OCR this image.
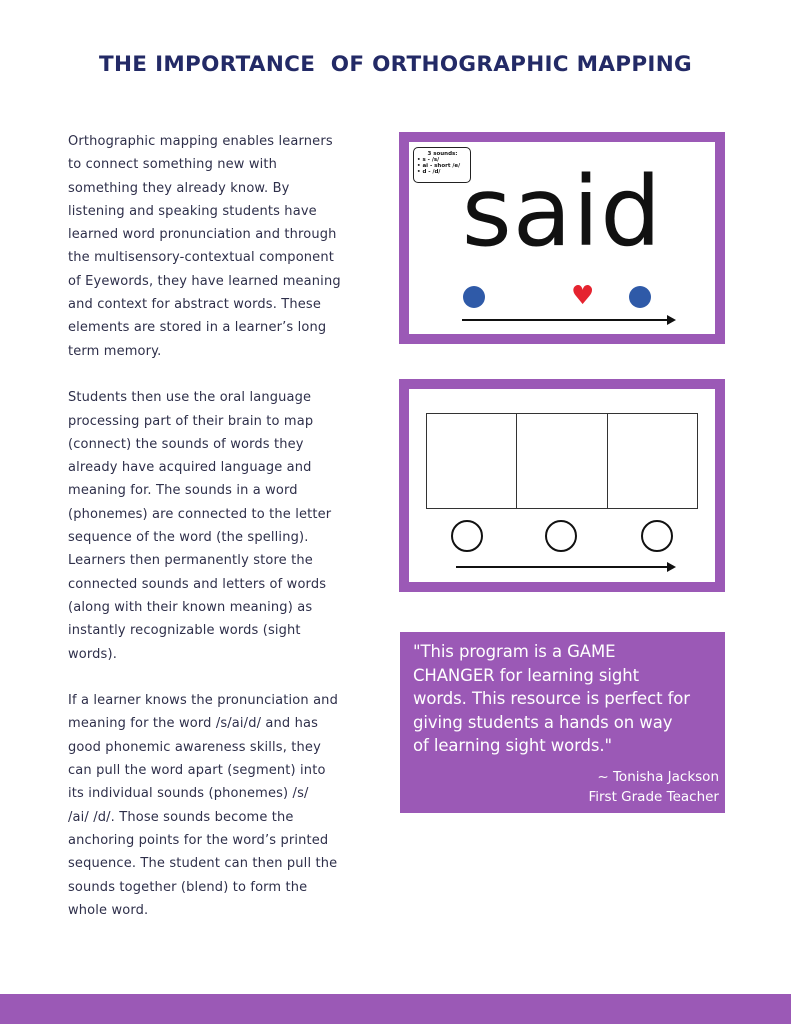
THE IMPORTANCE  OF ORTHOGRAPHIC MAPPING

Orthographic mapping enables learners
to connect something new with
something they already know. By
listening and speaking students have
learned word pronunciation and through
the multisensory-contextual component
of Eyewords, they have learned meaning
and context for abstract words. These
elements are stored in a learner’s long
term memory.

Students then use the oral language
processing part of their brain to map
(connect) the sounds of words they
already have acquired language and
meaning for. The sounds in a word
(phonemes) are connected to the letter
sequence of the word (the spelling).
Learners then permanently store the
connected sounds and letters of words
(along with their known meaning) as
instantly recognizable words (sight
words).

If a learner knows the pronunciation and
meaning for the word /s/ai/d/ and has
good phonemic awareness skills, they
can pull the word apart (segment) into
its individual sounds (phonemes) /s/
/ai/ /d/. Those sounds become the
anchoring points for the word’s printed
sequence. The student can then pull the
sounds together (blend) to form the
whole word.

3 sounds:
• s - /s/
• ai - short /e/
• d - /d/ said
♥
"This program is a GAME
CHANGER for learning sight
words. This resource is perfect for
giving students a hands on way
of learning sight words."
~ Tonisha Jackson
First Grade Teacher
